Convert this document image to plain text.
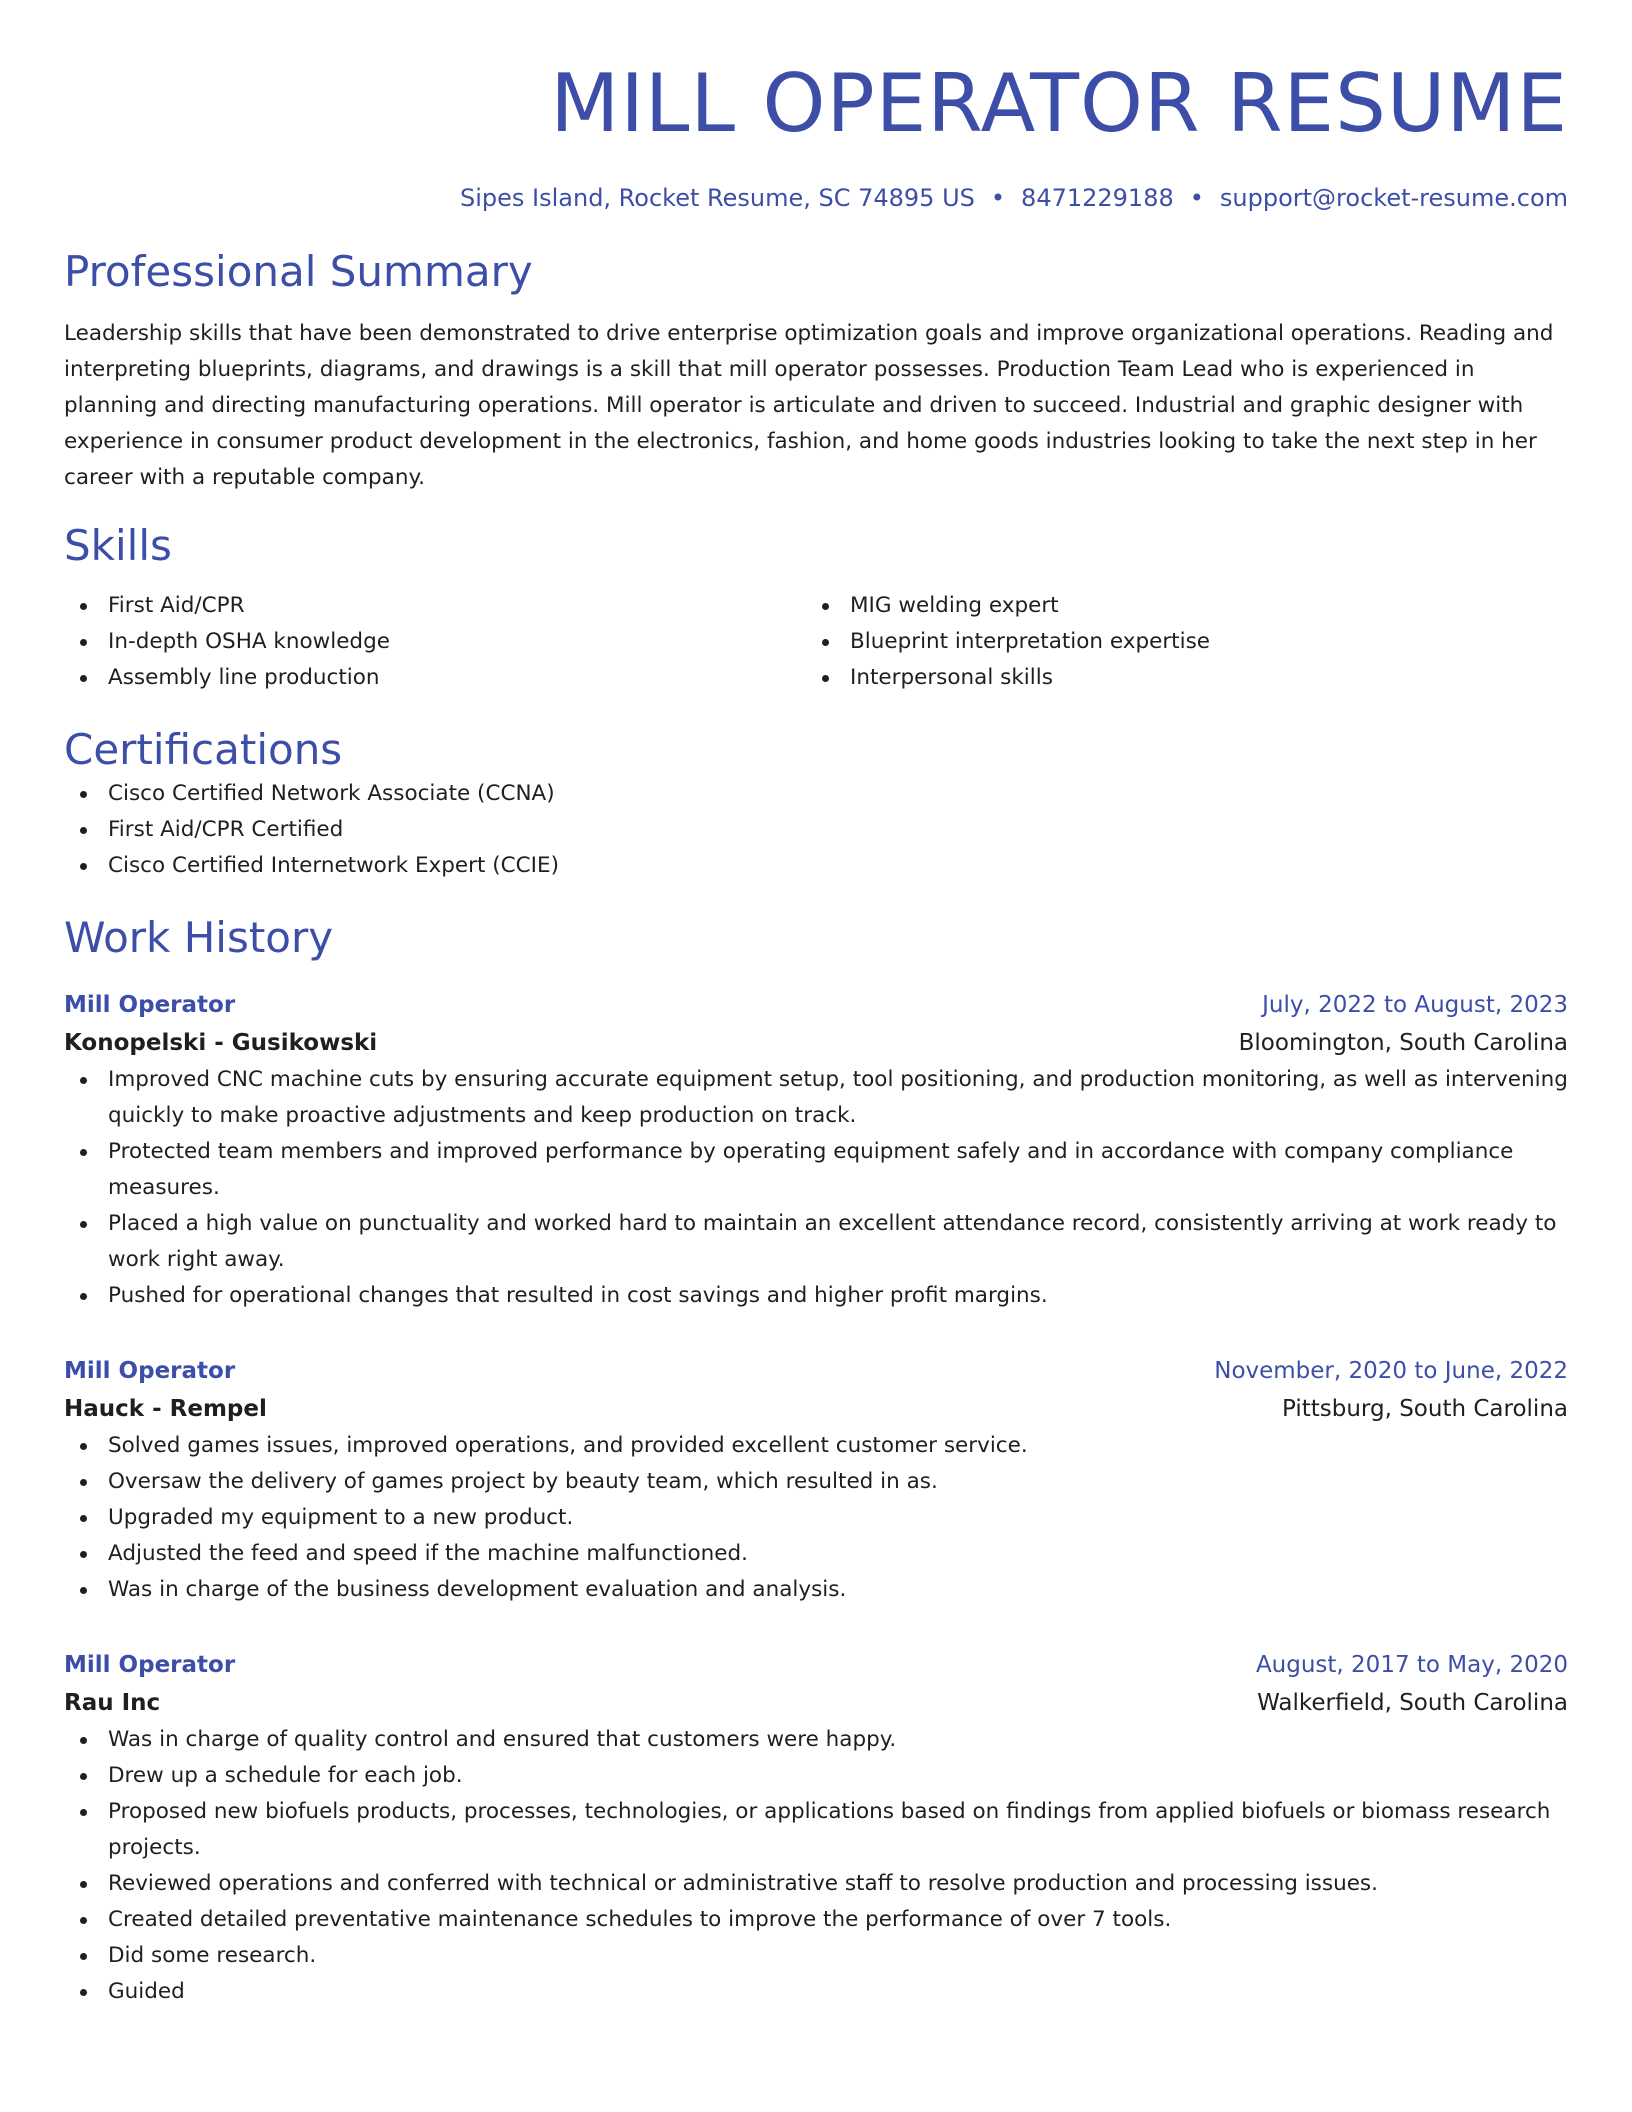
MILL OPERATOR RESUME
Sipes Island, Rocket Resume, SC 74895 US • 8471229188 • support@rocket-resume.com
Professional Summary
Leadership skills that have been demonstrated to drive enterprise optimization goals and improve organizational operations. Reading and interpreting blueprints, diagrams, and drawings is a skill that mill operator possesses. Production Team Lead who is experienced in planning and directing manufacturing operations. Mill operator is articulate and driven to succeed. Industrial and graphic designer with experience in consumer product development in the electronics, fashion, and home goods industries looking to take the next step in her career with a reputable company.
Skills
First Aid/CPR
In-depth OSHA knowledge
Assembly line production
MIG welding expert
Blueprint interpretation expertise
Interpersonal skills
Certifications
Cisco Certified Network Associate (CCNA)
First Aid/CPR Certified
Cisco Certified Internetwork Expert (CCIE)
Work History
Mill Operator	July, 2022 to August, 2023
Konopelski - Gusikowski	Bloomington, South Carolina
Improved CNC machine cuts by ensuring accurate equipment setup, tool positioning, and production monitoring, as well as intervening quickly to make proactive adjustments and keep production on track.
Protected team members and improved performance by operating equipment safely and in accordance with company compliance measures.
Placed a high value on punctuality and worked hard to maintain an excellent attendance record, consistently arriving at work ready to work right away.
Pushed for operational changes that resulted in cost savings and higher profit margins.
Mill Operator	November, 2020 to June, 2022
Hauck - Rempel	Pittsburg, South Carolina
Solved games issues, improved operations, and provided excellent customer service.
Oversaw the delivery of games project by beauty team, which resulted in as.
Upgraded my equipment to a new product.
Adjusted the feed and speed if the machine malfunctioned.
Was in charge of the business development evaluation and analysis.
Mill Operator	August, 2017 to May, 2020
Rau Inc	Walkerfield, South Carolina
Was in charge of quality control and ensured that customers were happy.
Drew up a schedule for each job.
Proposed new biofuels products, processes, technologies, or applications based on findings from applied biofuels or biomass research projects.
Reviewed operations and conferred with technical or administrative staff to resolve production and processing issues.
Created detailed preventative maintenance schedules to improve the performance of over 7 tools.
Did some research.
Guided
